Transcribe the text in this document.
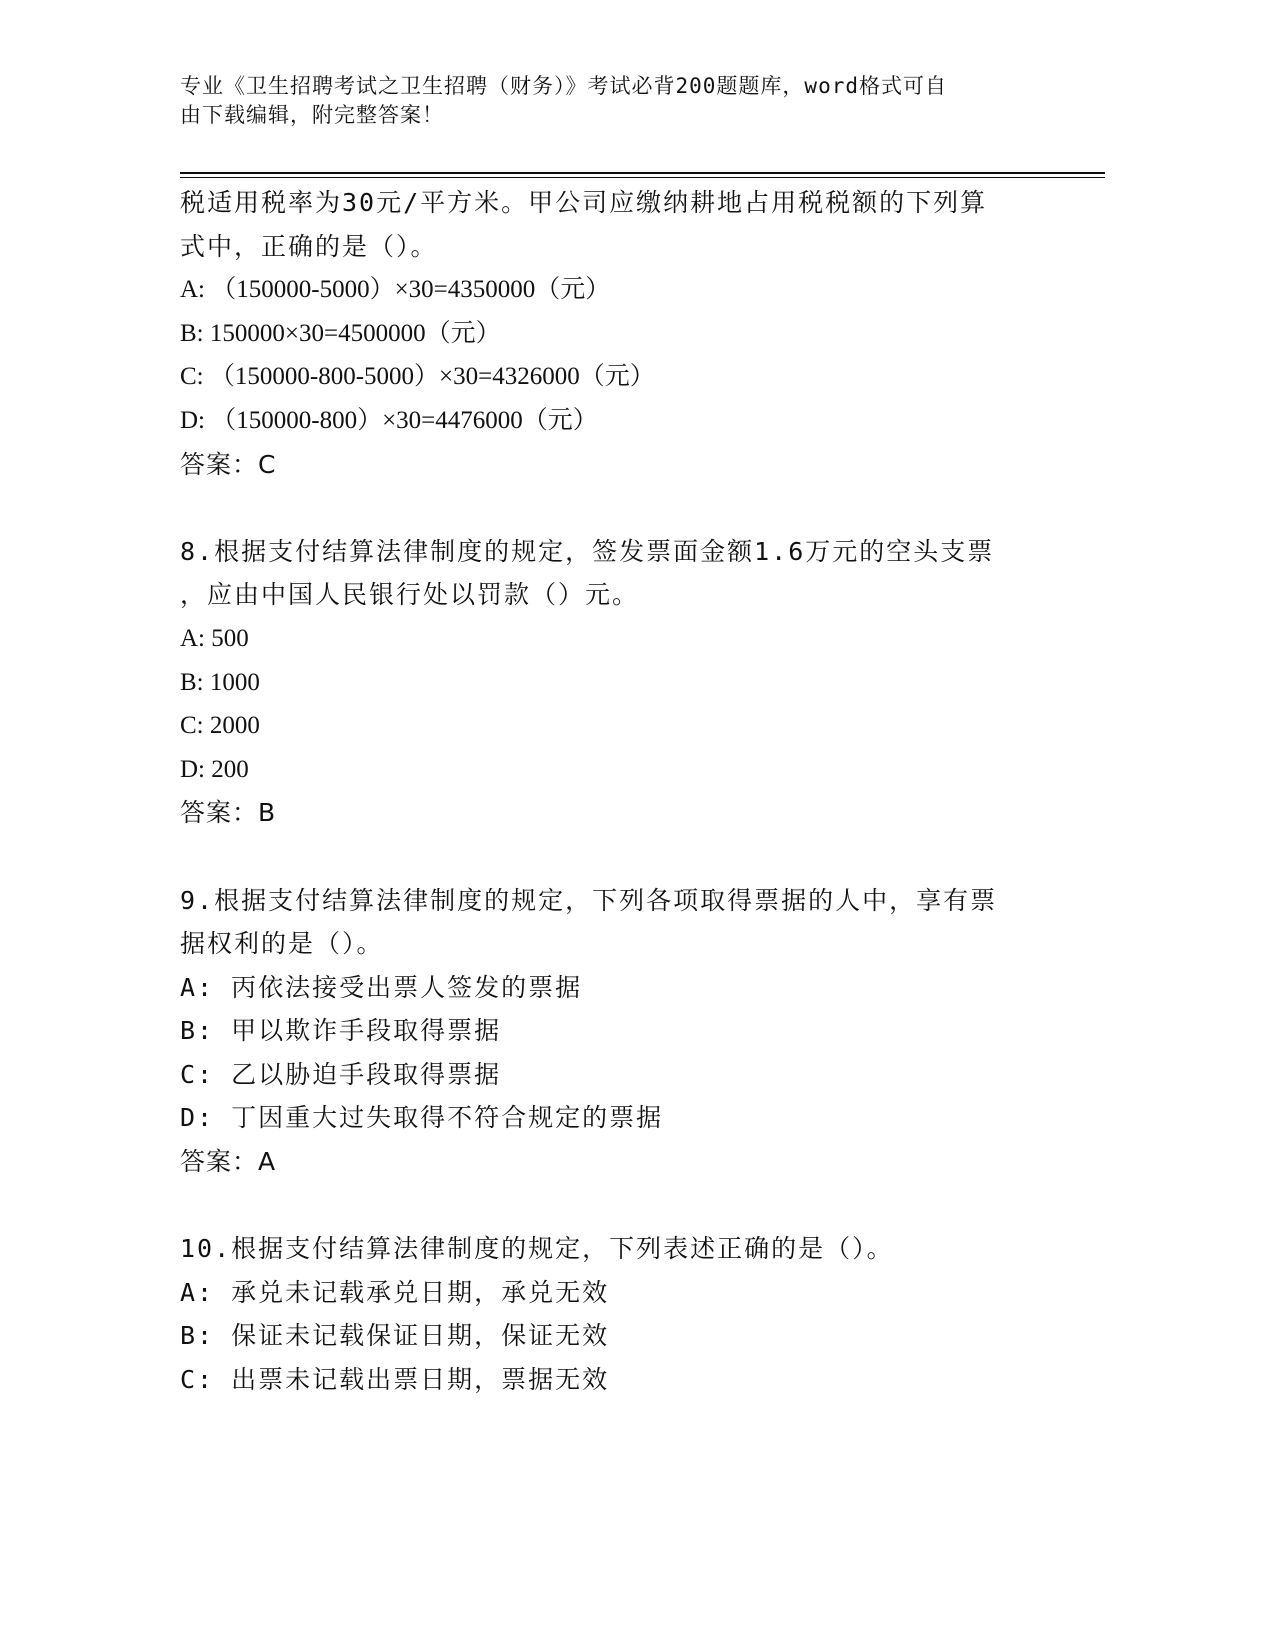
专业《卫生招聘考试之卫生招聘（财务）》考试必背200题题库，word格式可自
由下载编辑，附完整答案！
税适用税率为30元/平方米。甲公司应缴纳耕地占用税税额的下列算
式中，正确的是（）。
A: （150000-5000）×30=4350000（元）
B: 150000×30=4500000（元）
C: （150000-800-5000）×30=4326000（元）
D: （150000-800）×30=4476000（元）
答案：C
8.根据支付结算法律制度的规定，签发票面金额1.6万元的空头支票
，应由中国人民银行处以罚款（）元。
A: 500
B: 1000
C: 2000
D: 200
答案：B
9.根据支付结算法律制度的规定，下列各项取得票据的人中，享有票
据权利的是（）。
A: 丙依法接受出票人签发的票据
B: 甲以欺诈手段取得票据
C: 乙以胁迫手段取得票据
D: 丁因重大过失取得不符合规定的票据
答案：A
10.根据支付结算法律制度的规定，下列表述正确的是（）。
A: 承兑未记载承兑日期，承兑无效
B: 保证未记载保证日期，保证无效
C: 出票未记载出票日期，票据无效
